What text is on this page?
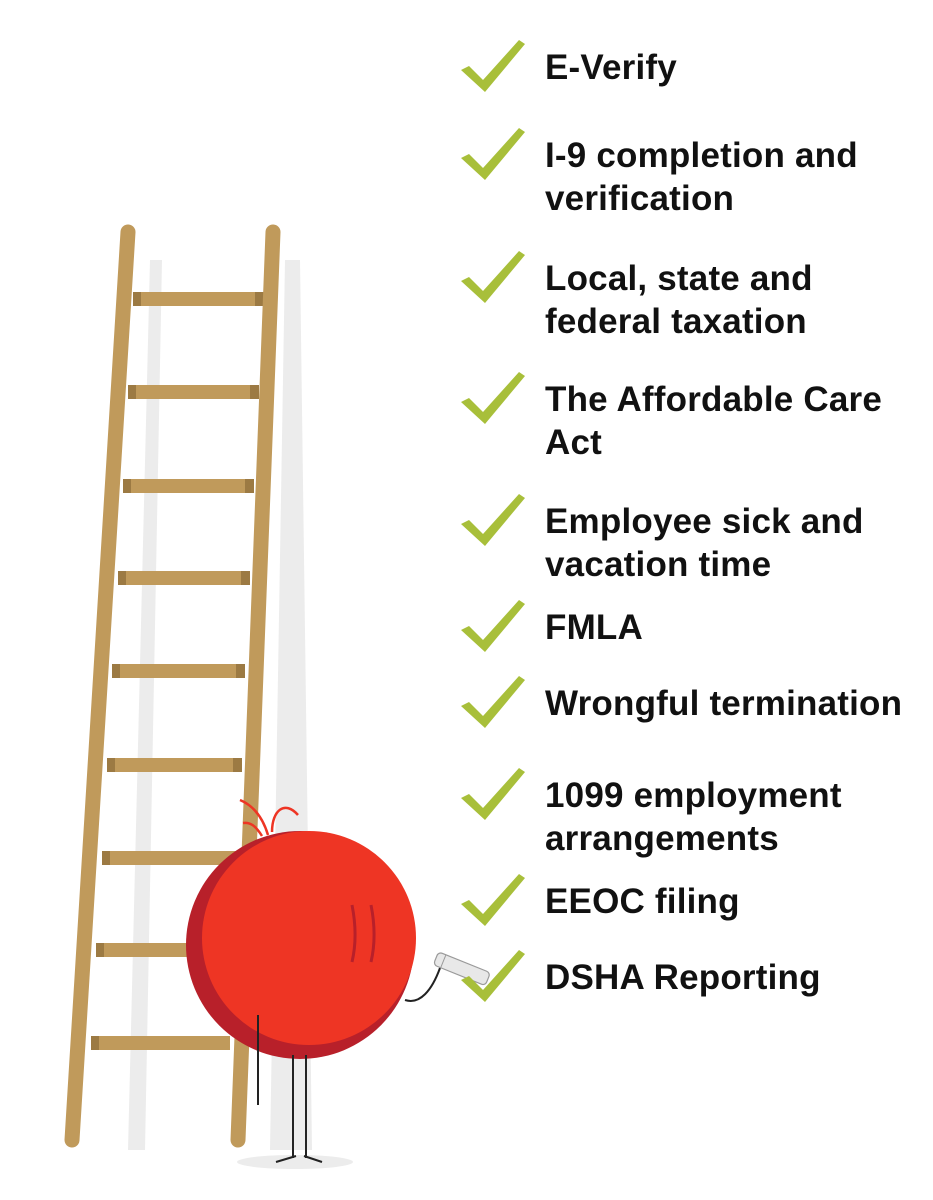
E-Verify
I-9 completion and verification
Local, state and federal taxation
The Affordable Care Act
Employee sick and vacation time
FMLA
Wrongful termination
1099 employment arrangements
EEOC filing
DSHA Reporting
